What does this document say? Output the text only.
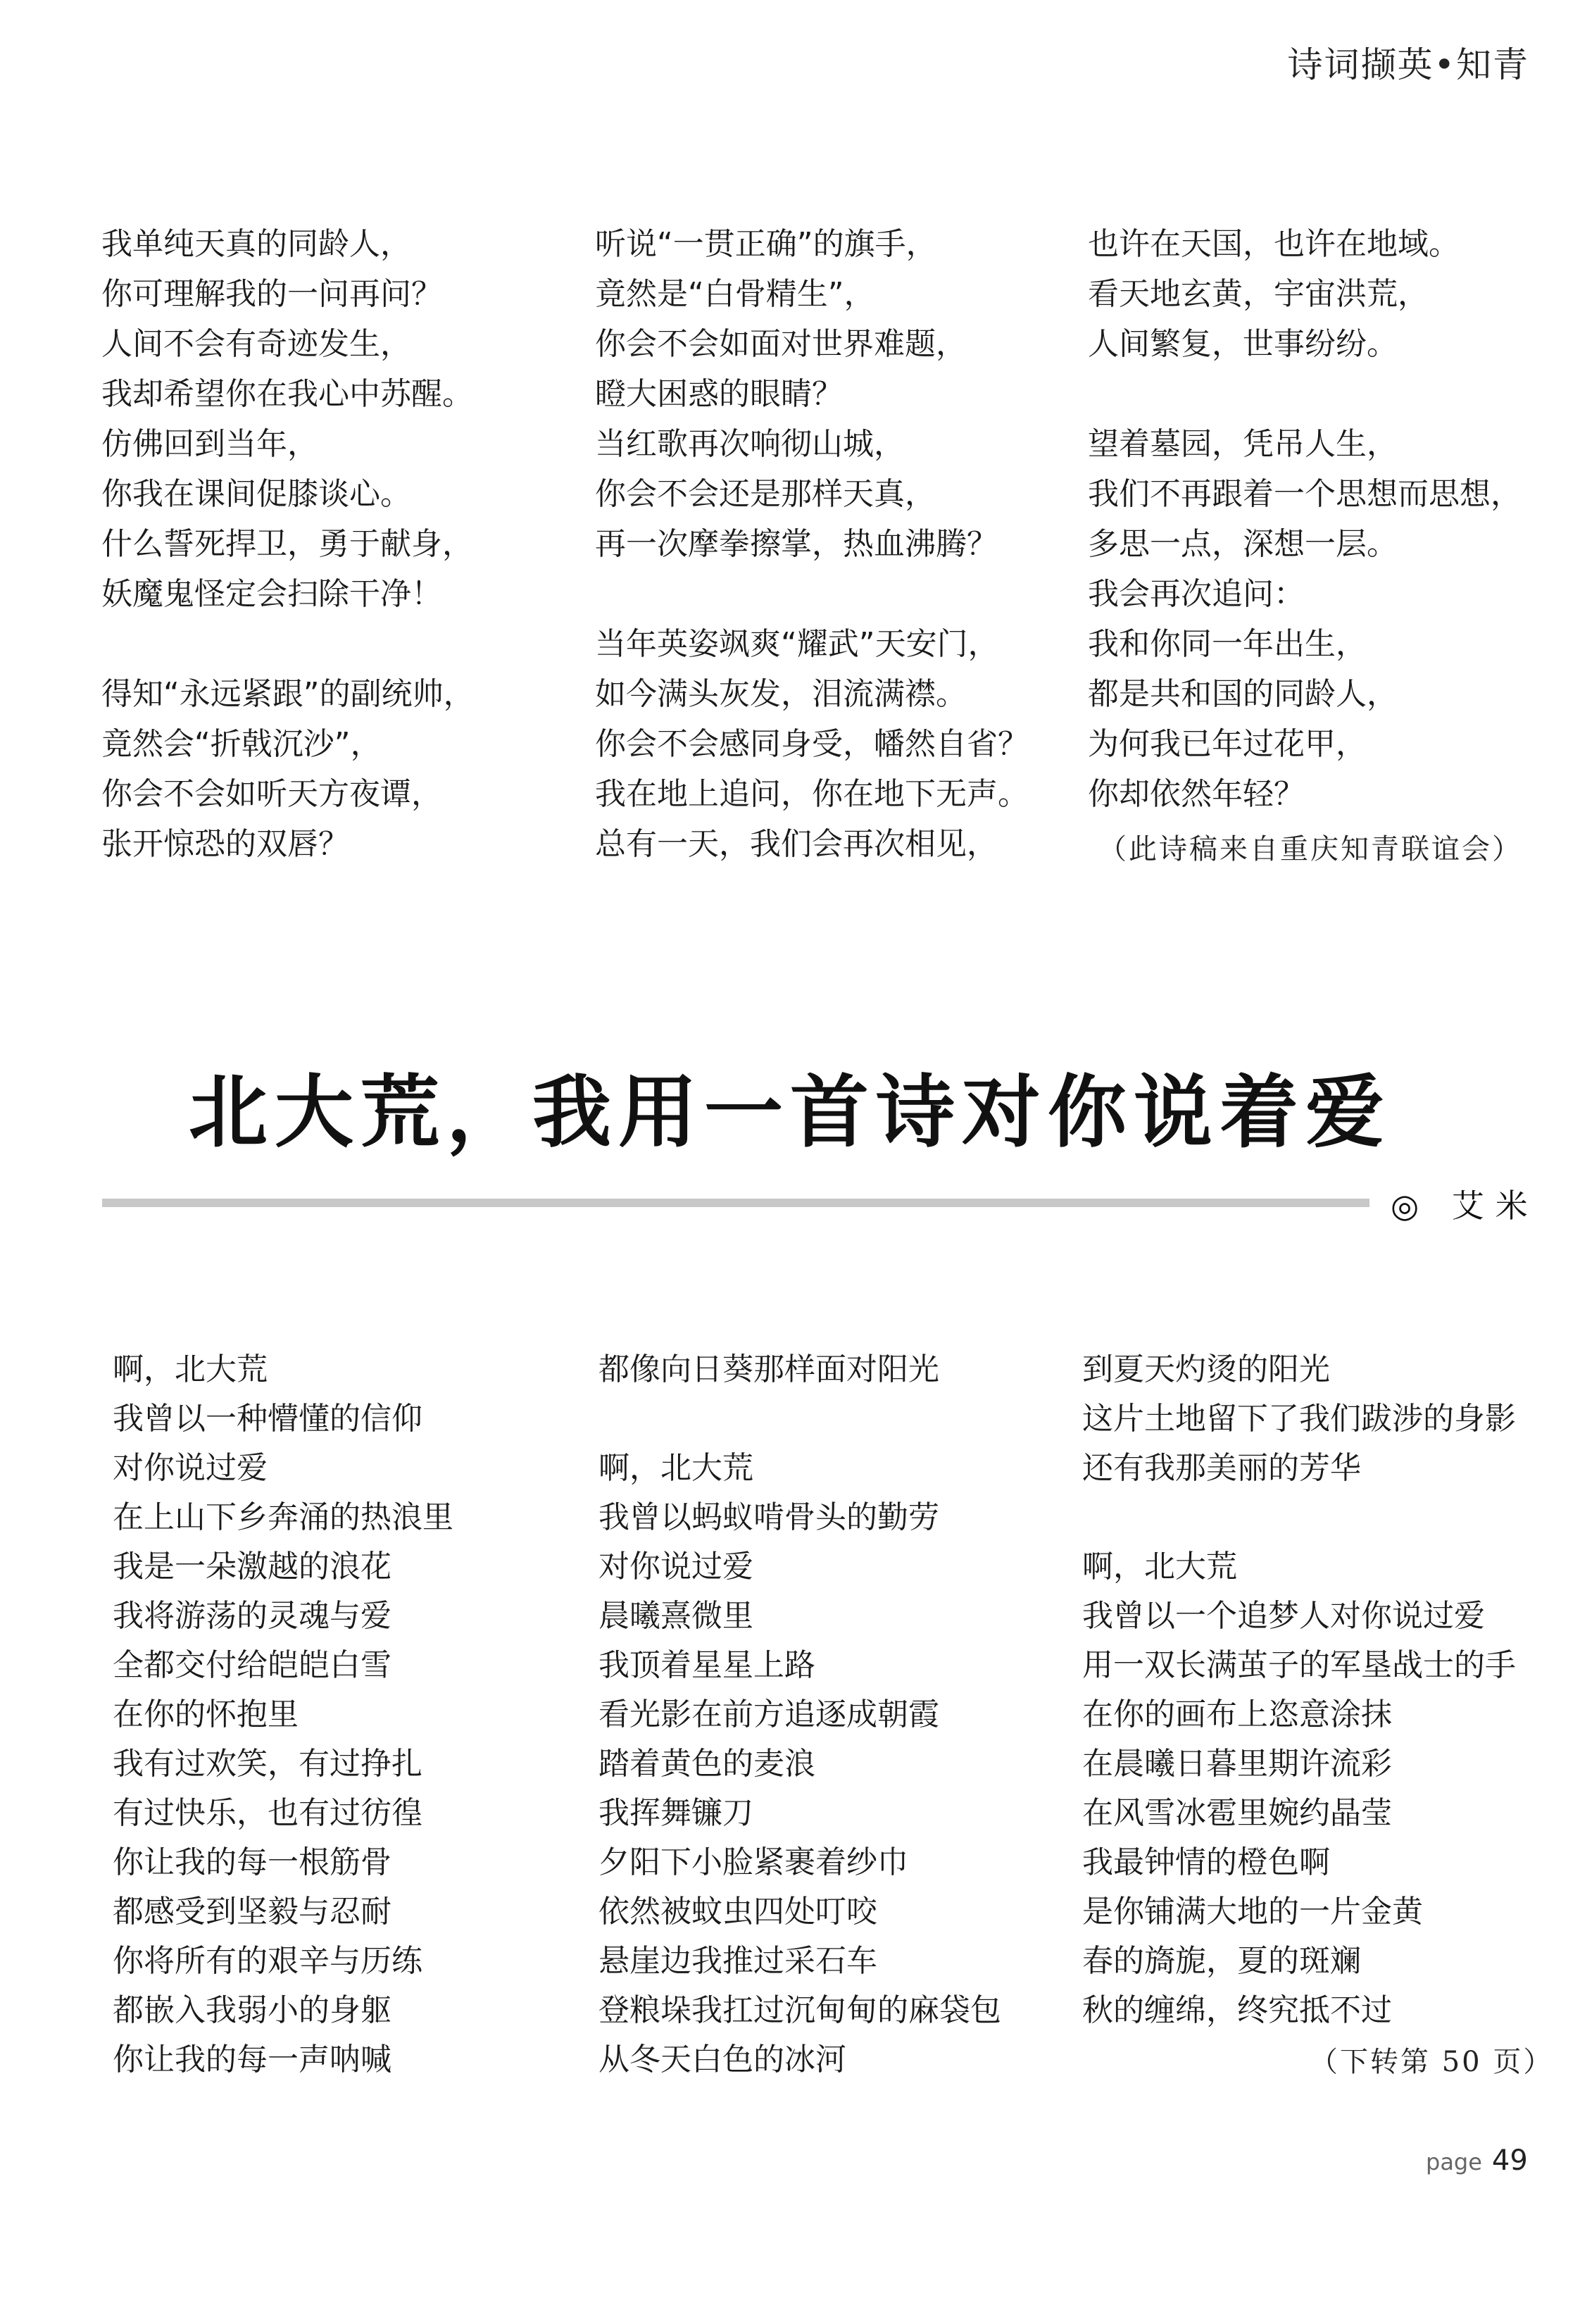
诗词撷英•知青
我单纯天真的同龄人，
你可理解我的一问再问？
人间不会有奇迹发生，
我却希望你在我心中苏醒。
仿佛回到当年，
你我在课间促膝谈心。
什么誓死捍卫，勇于献身，
妖魔鬼怪定会扫除干净！
得知“永远紧跟”的副统帅，
竟然会“折戟沉沙”，
你会不会如听天方夜谭，
张开惊恐的双唇？
听说“一贯正确”的旗手，
竟然是“白骨精生”，
你会不会如面对世界难题，
瞪大困惑的眼睛？
当红歌再次响彻山城，
你会不会还是那样天真，
再一次摩拳擦掌，热血沸腾？
当年英姿飒爽“耀武”天安门，
如今满头灰发，泪流满襟。
你会不会感同身受，幡然自省？
我在地上追问，你在地下无声。
总有一天，我们会再次相见，
也许在天国，也许在地域。
看天地玄黄，宇宙洪荒，
人间繁复，世事纷纷。
望着墓园，凭吊人生，
我们不再跟着一个思想而思想，
多思一点，深想一层。
我会再次追问：
我和你同一年出生，
都是共和国的同龄人，
为何我已年过花甲，
你却依然年轻？
（此诗稿来自重庆知青联谊会）
北大荒，我用一首诗对你说着爱
◎ 艾米
啊，北大荒
我曾以一种懵懂的信仰
对你说过爱
在上山下乡奔涌的热浪里
我是一朵激越的浪花
我将游荡的灵魂与爱
全都交付给皑皑白雪
在你的怀抱里
我有过欢笑，有过挣扎
有过快乐，也有过彷徨
你让我的每一根筋骨
都感受到坚毅与忍耐
你将所有的艰辛与历练
都嵌入我弱小的身躯
你让我的每一声呐喊
都像向日葵那样面对阳光
啊，北大荒
我曾以蚂蚁啃骨头的勤劳
对你说过爱
晨曦熹微里
我顶着星星上路
看光影在前方追逐成朝霞
踏着黄色的麦浪
我挥舞镰刀
夕阳下小脸紧裹着纱巾
依然被蚊虫四处叮咬
悬崖边我推过采石车
登粮垛我扛过沉甸甸的麻袋包
从冬天白色的冰河
到夏天灼烫的阳光
这片土地留下了我们跋涉的身影
还有我那美丽的芳华
啊，北大荒
我曾以一个追梦人对你说过爱
用一双长满茧子的军垦战士的手
在你的画布上恣意涂抹
在晨曦日暮里期许流彩
在风雪冰雹里婉约晶莹
我最钟情的橙色啊
是你铺满大地的一片金黄
春的旖旎，夏的斑斓
秋的缠绵，终究抵不过
（下转第 50 页）
page 49
